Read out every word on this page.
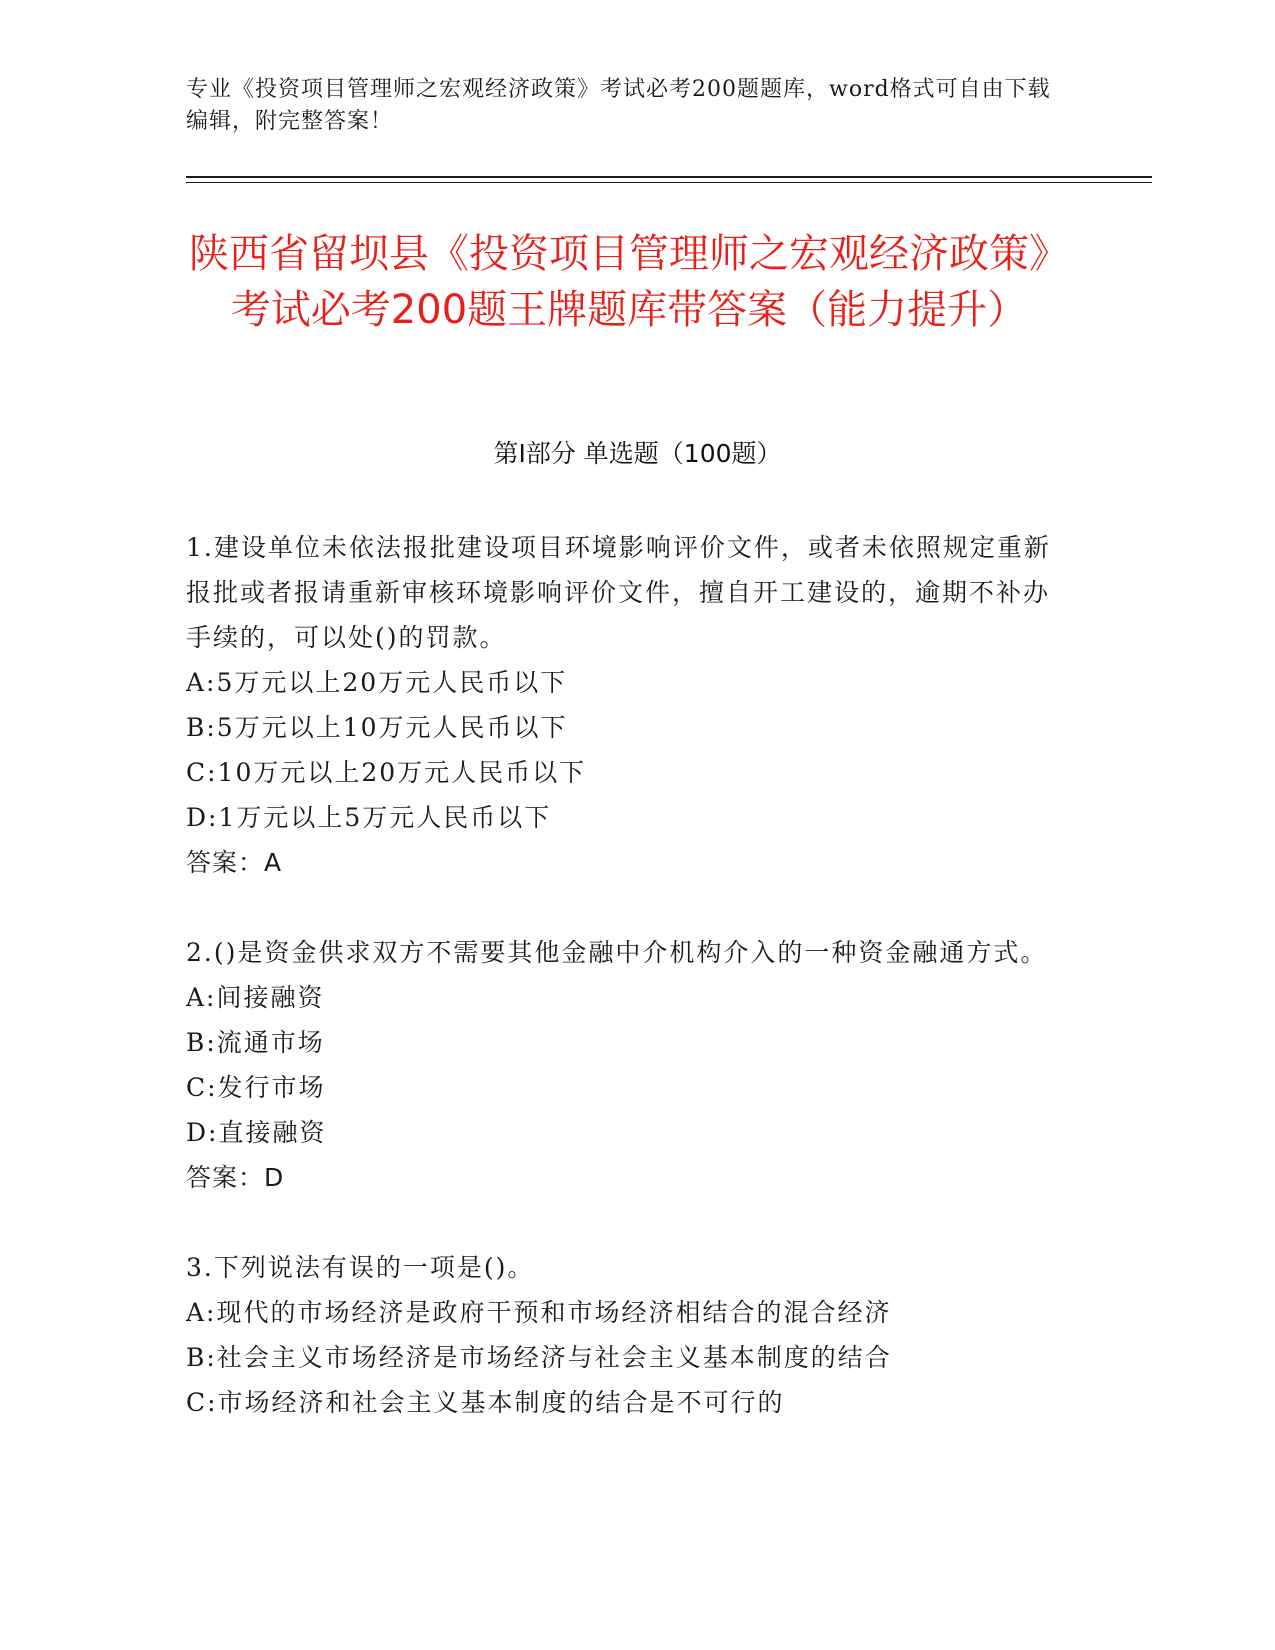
专业《投资项目管理师之宏观经济政策》考试必考200题题库，word格式可自由下载编辑，附完整答案！
陕西省留坝县《投资项目管理师之宏观经济政策》考试必考200题王牌题库带答案（能力提升）
第Ⅰ部分 单选题（100题）

1.建设单位未依法报批建设项目环境影响评价文件，或者未依照规定重新报批或者报请重新审核环境影响评价文件，擅自开工建设的，逾期不补办手续的，可以处()的罚款。

A:5万元以上20万元人民币以下

B:5万元以上10万元人民币以下

C:10万元以上20万元人民币以下

D:1万元以上5万元人民币以下

答案：A

2.()是资金供求双方不需要其他金融中介机构介入的一种资金融通方式。

A:间接融资

B:流通市场

C:发行市场

D:直接融资

答案：D

3.下列说法有误的一项是()。

A:现代的市场经济是政府干预和市场经济相结合的混合经济

B:社会主义市场经济是市场经济与社会主义基本制度的结合

C:市场经济和社会主义基本制度的结合是不可行的
